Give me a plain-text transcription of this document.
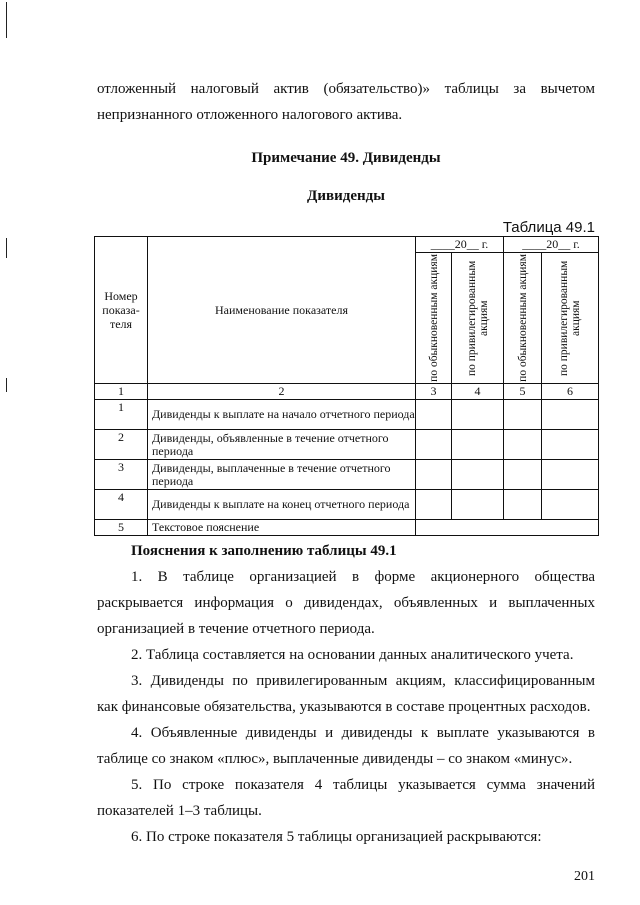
отложенный налоговый актив (обязательство)» таблицы за вычетом

непризнанного отложенного налогового актива.

Примечание 49. Дивиденды

Дивиденды

Таблица 49.1
Номер показа-теля	Наименование показателя	____20__ г.		____20__ г.	

		по обыкновенным акциям	по привилегированным акциям	по обыкновенным акциям	по привилегированным акциям

1	2	3	4	5	6
1	Дивиденды к выплате на начало отчетного периода				
2	Дивиденды, объявленные в течение отчетного периода				
3	Дивиденды, выплаченные в течение отчетного периода				
4	Дивиденды к выплате на конец отчетного периода				
5	Текстовое пояснение				

Пояснения к заполнению таблицы 49.1

1. В таблице организацией в форме акционерного общества раскрывается информация о дивидендах, объявленных и выплаченных организацией в течение отчетного периода.

2. Таблица составляется на основании данных аналитического учета.

3. Дивиденды по привилегированным акциям, классифицированным как финансовые обязательства, указываются в составе процентных расходов.

4. Объявленные дивиденды и дивиденды к выплате указываются в таблице со знаком «плюс», выплаченные дивиденды – со знаком «минус».

5. По строке показателя 4 таблицы указывается сумма значений показателей 1–3 таблицы.

6. По строке показателя 5 таблицы организацией раскрываются:

201
